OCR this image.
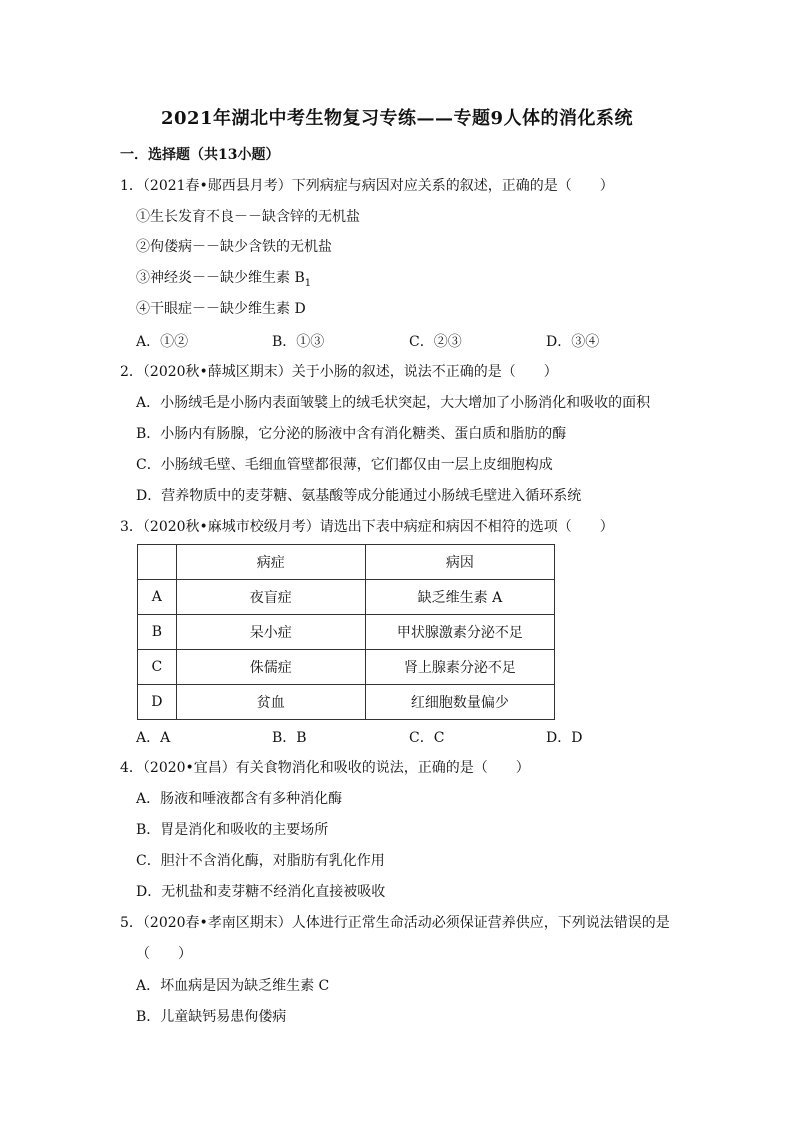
2021年湖北中考生物复习专练——专题9人体的消化系统
一．选择题（共13小题）
1．（2021春•郧西县月考）下列病症与病因对应关系的叙述，正确的是（　　）
①生长发育不良－－缺含锌的无机盐
②佝偻病－－缺少含铁的无机盐
③神经炎－－缺少维生素 $B_1$
④干眼症－－缺少维生素 D
A．①②	B．①③	C．②③	D．③④
2．（2020秋•薛城区期末）关于小肠的叙述，说法不正确的是（　　）
A．小肠绒毛是小肠内表面皱襞上的绒毛状突起，大大增加了小肠消化和吸收的面积
B．小肠内有肠腺，它分泌的肠液中含有消化糖类、蛋白质和脂肪的酶
C．小肠绒毛壁、毛细血管壁都很薄，它们都仅由一层上皮细胞构成
D．营养物质中的麦芽糖、氨基酸等成分能通过小肠绒毛壁进入循环系统
3．（2020秋•麻城市校级月考）请选出下表中病症和病因不相符的选项（　　）
	病症	病因
A	夜盲症	缺乏维生素 A
B	呆小症	甲状腺激素分泌不足
C	侏儒症	肾上腺素分泌不足
D	贫血	红细胞数量偏少
A．A	B．B	C．C	D．D
4．（2020•宜昌）有关食物消化和吸收的说法，正确的是（　　）
A．肠液和唾液都含有多种消化酶
B．胃是消化和吸收的主要场所
C．胆汁不含消化酶，对脂肪有乳化作用
D．无机盐和麦芽糖不经消化直接被吸收
5．（2020春•孝南区期末）人体进行正常生命活动必须保证营养供应，下列说法错误的是
（　　）
A．坏血病是因为缺乏维生素 C
B．儿童缺钙易患佝偻病
